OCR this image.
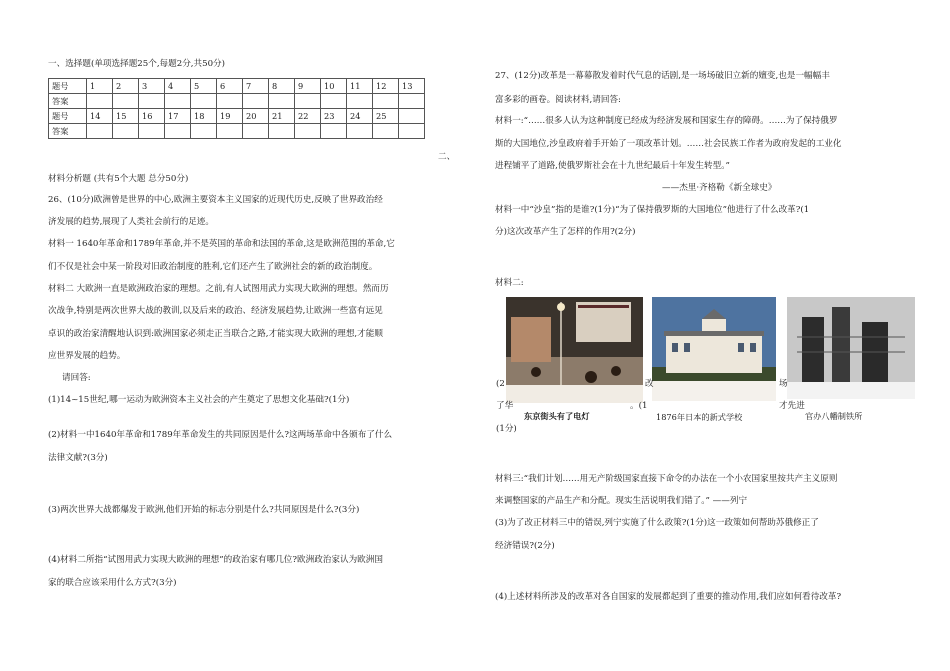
一、选择题(单项选择题25个,每题2分,共50分)
题号	1	2	3	4	5	6	7	8	9	10	11	12	13
答案													
题号	14	15	16	17	18	19	20	21	22	23	24	25	
答案													
二、
材料分析题 (共有5个大题 总分50分)
26、(10分)欧洲曾是世界的中心,欧洲主要资本主义国家的近现代历史,反映了世界政治经
济发展的趋势,展现了人类社会前行的足迹。
材料一 1640年革命和1789年革命,并不是英国的革命和法国的革命,这是欧洲范围的革命,它
们不仅是社会中某一阶段对旧政治制度的胜利,它们还产生了欧洲社会的新的政治制度。
材料二 大欧洲一直是欧洲政治家的理想。之前,有人试图用武力实现大欧洲的理想。然而历
次战争,特别是两次世界大战的教训,以及后来的政治、经济发展趋势,让欧洲一些富有远见
卓识的政治家清醒地认识到:欧洲国家必须走正当联合之路,才能实现大欧洲的理想,才能顺
应世界发展的趋势。
请回答:
(1)14~15世纪,哪一运动为欧洲资本主义社会的产生奠定了思想文化基础?(1分)
(2)材料一中1640年革命和1789年革命发生的共同原因是什么?这两场革命中各颁布了什么
法律文献?(3分)
(3)两次世界大战都爆发于欧洲,他们开始的标志分别是什么?共同原因是什么?(3分)
(4)材料二所指“试图用武力实现大欧洲的理想”的政治家有哪几位?欧洲政治家认为欧洲国
家的联合应该采用什么方式?(3分)
27、(12分)改革是一幕幕散发着时代气息的话剧,是一场场破旧立新的嬗变,也是一幅幅丰
富多彩的画卷。阅读材料,请回答:
材料一:“……很多人认为这种制度已经成为经济发展和国家生存的障碍。……为了保持俄罗
斯的大国地位,沙皇政府着手开始了一项改革计划。……社会民族工作者为政府发起的工业化
进程铺平了道路,使俄罗斯社会在十九世纪最后十年发生转型。”
——杰里·齐格勒《新全球史》
材料一中“沙皇”指的是谁?(1分)“为了保持俄罗斯的大国地位”他进行了什么改革?(1
分)这次改革产生了怎样的作用?(2分)
材料二:
东京街头有了电灯	1876年日本的新式学校	官办八幡制铁所
(2	改	场
了华	。(1	才先进
(1分)
材料三:“我们计划……用无产阶级国家直接下命令的办法在一个小农国家里按共产主义原则
来调整国家的产品生产和分配。现实生活说明我们错了。” ——列宁
(3)为了改正材料三中的错误,列宁实施了什么政策?(1分)这一政策如何帮助苏俄修正了
经济错误?(2分)
(4)上述材料所涉及的改革对各自国家的发展都起到了重要的推动作用,我们应如何看待改革?
